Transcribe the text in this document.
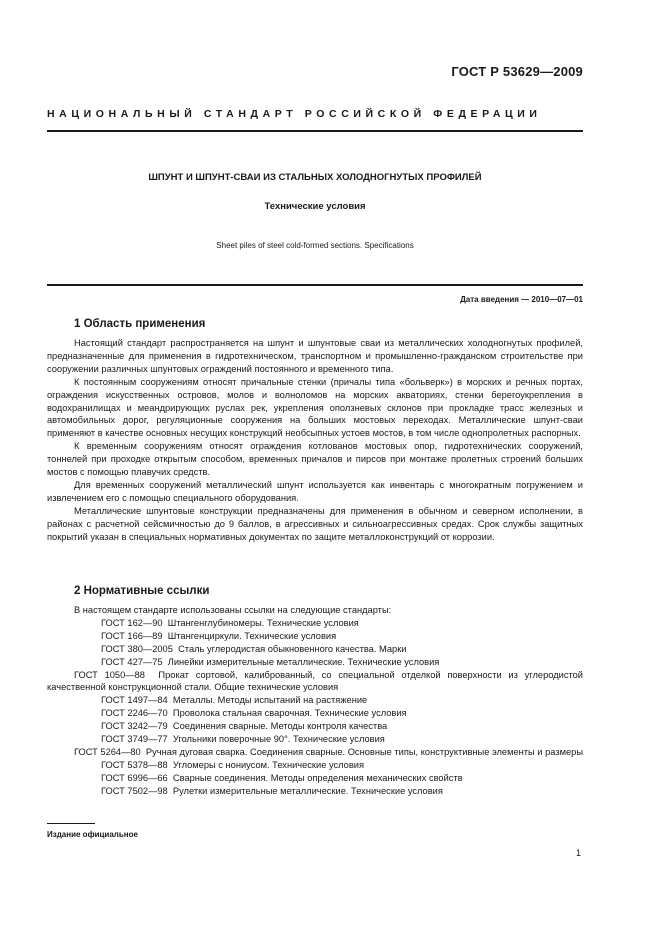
ГОСТ Р 53629—2009
НАЦИОНАЛЬНЫЙ СТАНДАРТ РОССИЙСКОЙ ФЕДЕРАЦИИ
ШПУНТ И ШПУНТ-СВАИ ИЗ СТАЛЬНЫХ ХОЛОДНОГНУТЫХ ПРОФИЛЕЙ
Технические условия
Sheet piles of steel cold-formed sections. Specifications
Дата введения — 2010—07—01
1 Область применения

Настоящий стандарт распространяется на шпунт и шпунтовые сваи из металлических холодногнутых профилей, предназначенные для применения в гидротехническом, транспортном и промышленно-гражданском строительстве при сооружении различных шпунтовых ограждений постоянного и временного типа.

К постоянным сооружениям относят причальные стенки (причалы типа «больверк») в морских и речных портах, ограждения искусственных островов, молов и волноломов на морских акваториях, стенки берегоукрепления в водохранилищах и меандрирующих руслах рек, укрепления оползневых склонов при прокладке трасс железных и автомобильных дорог, регуляционные сооружения на больших мостовых переходах. Металлические шпунт-сваи применяют в качестве основных несущих конструкций необсыпных устоев мостов, в том числе однопролетных распорных.

К временным сооружениям относят ограждения котлованов мостовых опор, гидротехнических сооружений, тоннелей при проходке открытым способом, временных причалов и пирсов при монтаже пролетных строений больших мостов с помощью плавучих средств.

Для временных сооружений металлический шпунт используется как инвентарь с многократным погружением и извлечением его с помощью специального оборудования.

Металлические шпунтовые конструкции предназначены для применения в обычном и северном исполнении, в районах с расчетной сейсмичностью до 9 баллов, в агрессивных и сильноагрессивных средах. Срок службы защитных покрытий указан в специальных нормативных документах по защите металлоконструкций от коррозии.

2 Нормативные ссылки

В настоящем стандарте использованы ссылки на следующие стандарты:

ГОСТ 162—90 Штангенглубиномеры. Технические условия

ГОСТ 166—89 Штангенциркули. Технические условия

ГОСТ 380—2005 Сталь углеродистая обыкновенного качества. Марки

ГОСТ 427—75 Линейки измерительные металлические. Технические условия

ГОСТ 1050—88 Прокат сортовой, калиброванный, со специальной отделкой поверхности из углеродистой качественной конструкционной стали. Общие технические условия

ГОСТ 1497—84 Металлы. Методы испытаний на растяжение

ГОСТ 2246—70 Проволока стальная сварочная. Технические условия

ГОСТ 3242—79 Соединения сварные. Методы контроля качества

ГОСТ 3749—77 Угольники поверочные 90°. Технические условия

ГОСТ 5264—80 Ручная дуговая сварка. Соединения сварные. Основные типы, конструктивные элементы и размеры

ГОСТ 5378—88 Угломеры с нониусом. Технические условия

ГОСТ 6996—66 Сварные соединения. Методы определения механических свойств

ГОСТ 7502—98 Рулетки измерительные металлические. Технические условия

Издание официальное
1
